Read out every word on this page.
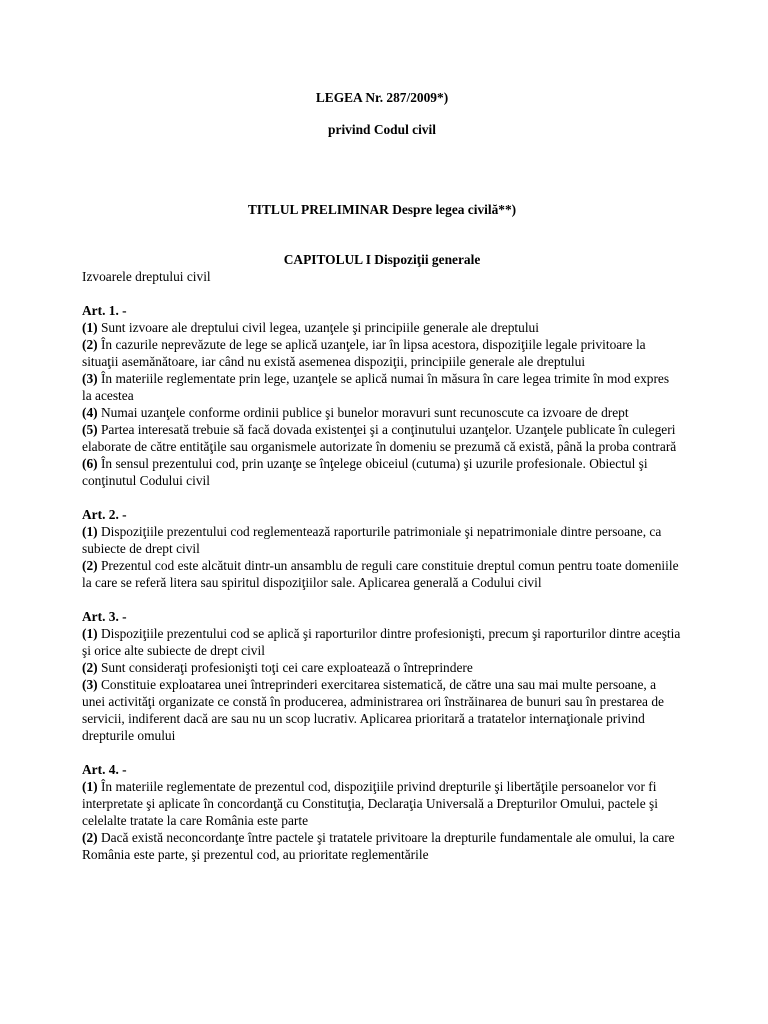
LEGEA Nr. 287/2009*)

privind Codul civil

TITLUL PRELIMINAR Despre legea civilă**)

CAPITOLUL I Dispoziţii generale

Izvoarele dreptului civil

Art. 1. -

(1) Sunt izvoare ale dreptului civil legea, uzanţele şi principiile generale ale dreptului

(2) În cazurile neprevăzute de lege se aplică uzanţele, iar în lipsa acestora, dispoziţiile legale privitoare la situaţii asemănătoare, iar când nu există asemenea dispoziţii, principiile generale ale dreptului

(3) În materiile reglementate prin lege, uzanţele se aplică numai în măsura în care legea trimite în mod expres la acestea

(4) Numai uzanţele conforme ordinii publice şi bunelor moravuri sunt recunoscute ca izvoare de drept

(5) Partea interesată trebuie să facă dovada existenţei şi a conţinutului uzanţelor. Uzanţele publicate în culegeri elaborate de către entităţile sau organismele autorizate în domeniu se prezumă că există, până la proba contrară

(6) În sensul prezentului cod, prin uzanţe se înţelege obiceiul (cutuma) şi uzurile profesionale. Obiectul şi conţinutul Codului civil

Art. 2. -

(1) Dispoziţiile prezentului cod reglementează raporturile patrimoniale şi nepatrimoniale dintre persoane, ca subiecte de drept civil

(2) Prezentul cod este alcătuit dintr-un ansamblu de reguli care constituie dreptul comun pentru toate domeniile la care se referă litera sau spiritul dispoziţiilor sale. Aplicarea generală a Codului civil

Art. 3. -

(1) Dispoziţiile prezentului cod se aplică şi raporturilor dintre profesionişti, precum şi raporturilor dintre aceştia şi orice alte subiecte de drept civil

(2) Sunt consideraţi profesionişti toţi cei care exploatează o întreprindere

(3) Constituie exploatarea unei întreprinderi exercitarea sistematică, de către una sau mai multe persoane, a unei activităţi organizate ce constă în producerea, administrarea ori înstrăinarea de bunuri sau în prestarea de servicii, indiferent dacă are sau nu un scop lucrativ. Aplicarea prioritară a tratatelor internaţionale privind drepturile omului

Art. 4. -

(1) În materiile reglementate de prezentul cod, dispoziţiile privind drepturile şi libertăţile persoanelor vor fi interpretate şi aplicate în concordanţă cu Constituţia, Declaraţia Universală a Drepturilor Omului, pactele şi celelalte tratate la care România este parte

(2) Dacă există neconcordanţe între pactele şi tratatele privitoare la drepturile fundamentale ale omului, la care România este parte, şi prezentul cod, au prioritate reglementările
